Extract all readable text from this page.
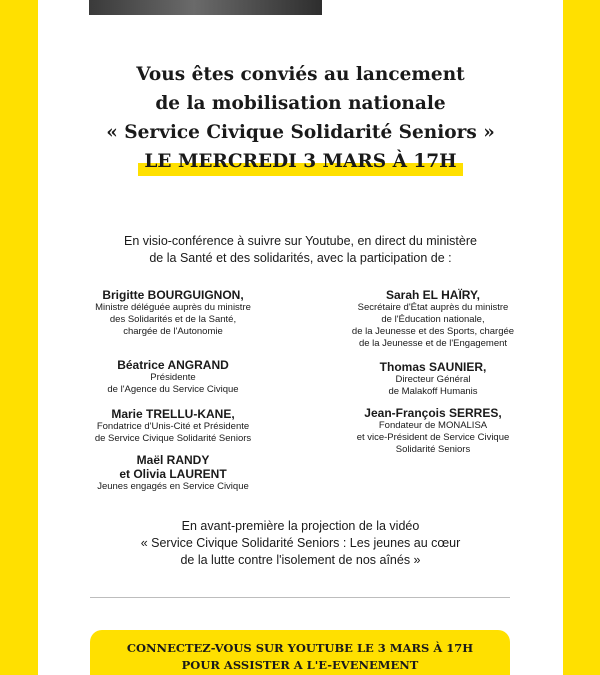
Vous êtes conviés au lancement
de la mobilisation nationale
« Service Civique Solidarité Seniors »
LE MERCREDI 3 MARS À 17H
En visio-conférence à suivre sur Youtube, en direct du ministère
de la Santé et des solidarités, avec la participation de :
Brigitte BOURGUIGNON,
Ministre déléguée auprès du ministre
des Solidarités et de la Santé,
chargée de l'Autonomie
Béatrice ANGRAND
Présidente
de l'Agence du Service Civique
Marie TRELLU-KANE,
Fondatrice d'Unis-Cité et Présidente
de Service Civique Solidarité Seniors
Maël RANDY
et Olivia LAURENT
Jeunes engagés en Service Civique
Sarah EL HAÏRY,
Secrétaire d'État auprès du ministre
de l'Éducation nationale,
de la Jeunesse et des Sports, chargée
de la Jeunesse et de l'Engagement
Thomas SAUNIER,
Directeur Général
de Malakoff Humanis
Jean-François SERRES,
Fondateur de MONALISA
et vice-Président de Service Civique
Solidarité Seniors
En avant-première la projection de la vidéo
« Service Civique Solidarité Seniors : Les jeunes au cœur
de la lutte contre l'isolement de nos aînés »
CONNECTEZ-VOUS SUR YOUTUBE LE 3 MARS À 17H
POUR ASSISTER A L'E-EVENEMENT
